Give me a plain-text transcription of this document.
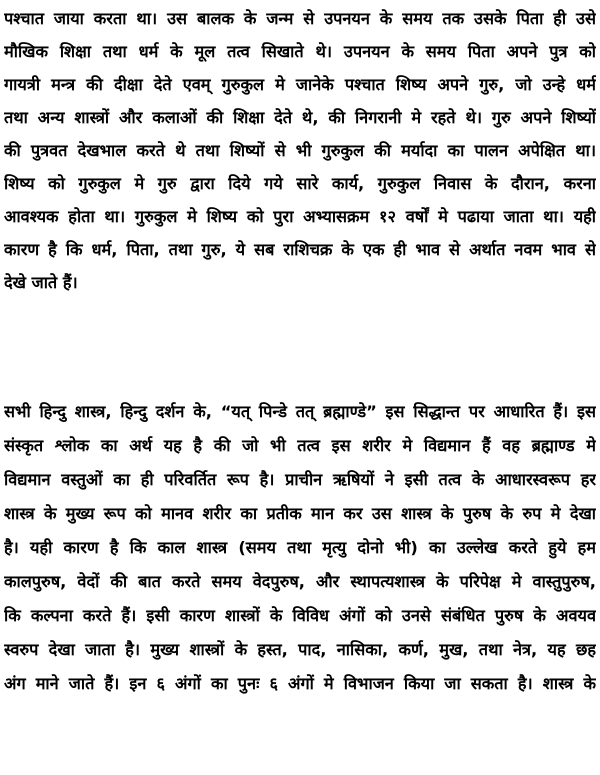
पश्चात जाया करता था। उस बालक के जन्म से उपनयन के समय तक उसके पिता ही उसे
मौखिक शिक्षा तथा धर्म के मूल तत्व सिखाते थे। उपनयन के समय पिता अपने पुत्र को
गायत्री मन्त्र की दीक्षा देते एवम् गुरुकुल मे जानेके पश्चात शिष्य अपने गुरु, जो उन्हे धर्म
तथा अन्य शास्त्रों और कलाओं की शिक्षा देते थे, की निगरानी मे रहते थे। गुरु अपने शिष्यों
की पुत्रवत देखभाल करते थे तथा शिष्यों से भी गुरुकुल की मर्यादा का पालन अपेक्षित था।
शिष्य को गुरुकुल मे गुरु द्वारा दिये गये सारे कार्य, गुरुकुल निवास के दौरान, करना
आवश्यक होता था। गुरुकुल मे शिष्य को पुरा अभ्यासक्रम १२ वर्षों मे पढाया जाता था। यही
कारण है कि धर्म, पिता, तथा गुरु, ये सब राशिचक्र के एक ही भाव से अर्थात नवम भाव से
देखे जाते हैं।
सभी हिन्दु शास्त्र, हिन्दु दर्शन के, “यत् पिन्डे तत् ब्रह्माण्डे” इस सिद्धान्त पर आधारित हैं। इस
संस्कृत श्लोक का अर्थ यह है की जो भी तत्व इस शरीर मे विद्यमान हैं वह ब्रह्माण्ड मे
विद्यमान वस्तुओं का ही परिवर्तित रूप है। प्राचीन ऋषियों ने इसी तत्व के आधारस्वरूप हर
शास्त्र के मुख्य रूप को मानव शरीर का प्रतीक मान कर उस शास्त्र के पुरुष के रुप मे देखा
है। यही कारण है कि काल शास्त्र (समय तथा मृत्यु दोनो भी) का उल्लेख करते हुये हम
कालपुरुष, वेदों की बात करते समय वेदपुरुष, और स्थापत्यशास्त्र के परिपेक्ष मे वास्तुपुरुष,
कि कल्पना करते हैं। इसी कारण शास्त्रों के विविध अंगों को उनसे संबंधित पुरुष के अवयव
स्वरुप देखा जाता है। मुख्य शास्त्रों के हस्त, पाद, नासिका, कर्ण, मुख, तथा नेत्र, यह छह
अंग माने जाते हैं। इन ६ अंगों का पुनः ६ अंगों मे विभाजन किया जा सकता है। शास्त्र के
